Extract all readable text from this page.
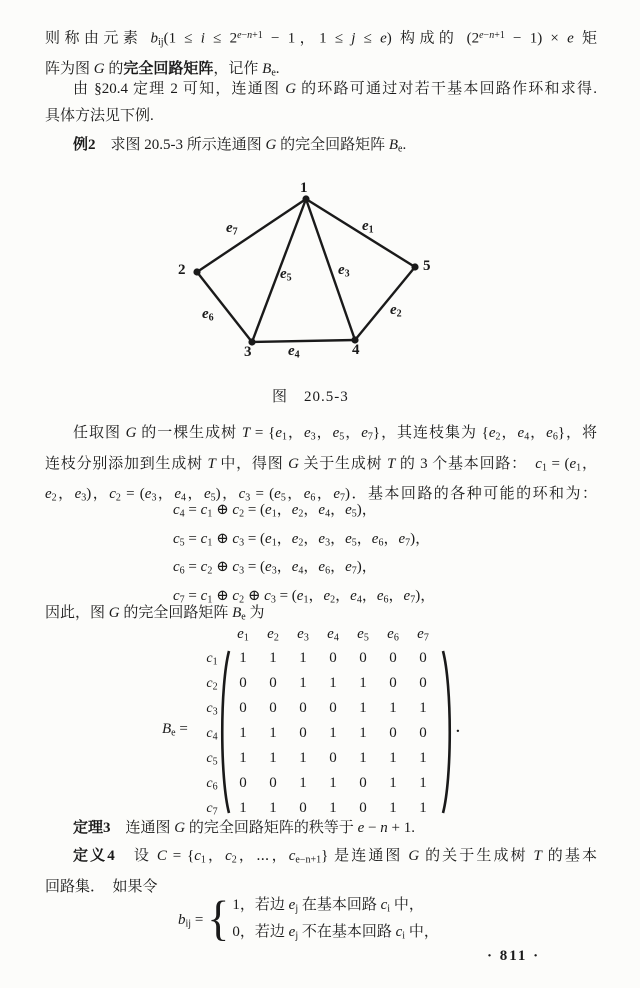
则称由元素 $b_{ij}(1 \le i \le 2^{e-n+1} - 1$，1 ≤ j ≤ e) 构成的 $(2^{e-n+1} - 1) \times e$ 矩
阵为图 G 的完全回路矩阵，记作 $B_e$.
由 §20.4 定理 2 可知，连通图 G 的环路可通过对若干基本回路作环和求得.
具体方法见下例.
例2　求图 20.5-3 所示连通图 G 的完全回路矩阵 $B_e$.
1
2
3	4
5
$e_1$
$e_2$
$e_3$
$e_4$
$e_5$
$e_6$
$e_7$
图　20.5-3
任取图 G 的一棵生成树 $T = \{e_1$，$e_3$，$e_5$，$e_7$}，其连枝集为 {$e_2$，$e_4$，$e_6$}，将
连枝分别添加到生成树 T 中，得图 G 关于生成树 T 的 3 个基本回路：　$c_1 = (e_1$，
$e_2$，$e_3$)，$c_2 = (e_3$，$e_4$，$e_5$)，$c_3 = (e_5$，$e_6$，$e_7$)．基本回路的各种可能的环和为：
$c_4 = c_1$ ⊕ $c_2 = (e_1$，$e_2$，$e_4$，$e_5$)，
$c_5 = c_1$ ⊕ $c_3 = (e_1$，$e_2$，$e_3$，$e_5$，$e_6$，$e_7$)，
$c_6 = c_2$ ⊕ $c_3 = (e_3$，$e_4$，$e_6$，$e_7$)，
$c_7 = c_1$ ⊕ $c_2$ ⊕ $c_3 = (e_1$，$e_2$，$e_4$，$e_6$，$e_7$)，
因此，图 G 的完全回路矩阵 $B_e$ 为
$e_1$ $e_2$ $e_3$ $e_4$ $e_5$ $e_6$ $e_7$
$B_e$ =
$c_1$ 1 1 1 0 0 0 0
$c_2$ 0 0 1 1 1 0 0
$c_3$ 0 0 0 0 1 1 1
$c_4$ 1 1 0 1 1 0 0
$c_5$ 1 1 1 0 1 1 1
$c_6$ 0 0 1 1 0 1 1
$c_7$ 1 1 0 1 0 1 1
.
定理3　连通图 G 的完全回路矩阵的秩等于 e − n + 1.
定义4　设 $C = \{c_1$，$c_2$，⋯，$c_{e-n+1}$} 是连通图 G 的关于生成树 T 的基本
回路集．　如果令
$b_{ij}$ = { 1，若边 $e_j$ 在基本回路 $c_i$ 中，
0，若边 $e_j$ 不在基本回路 $c_i$ 中，
· 811 ·
